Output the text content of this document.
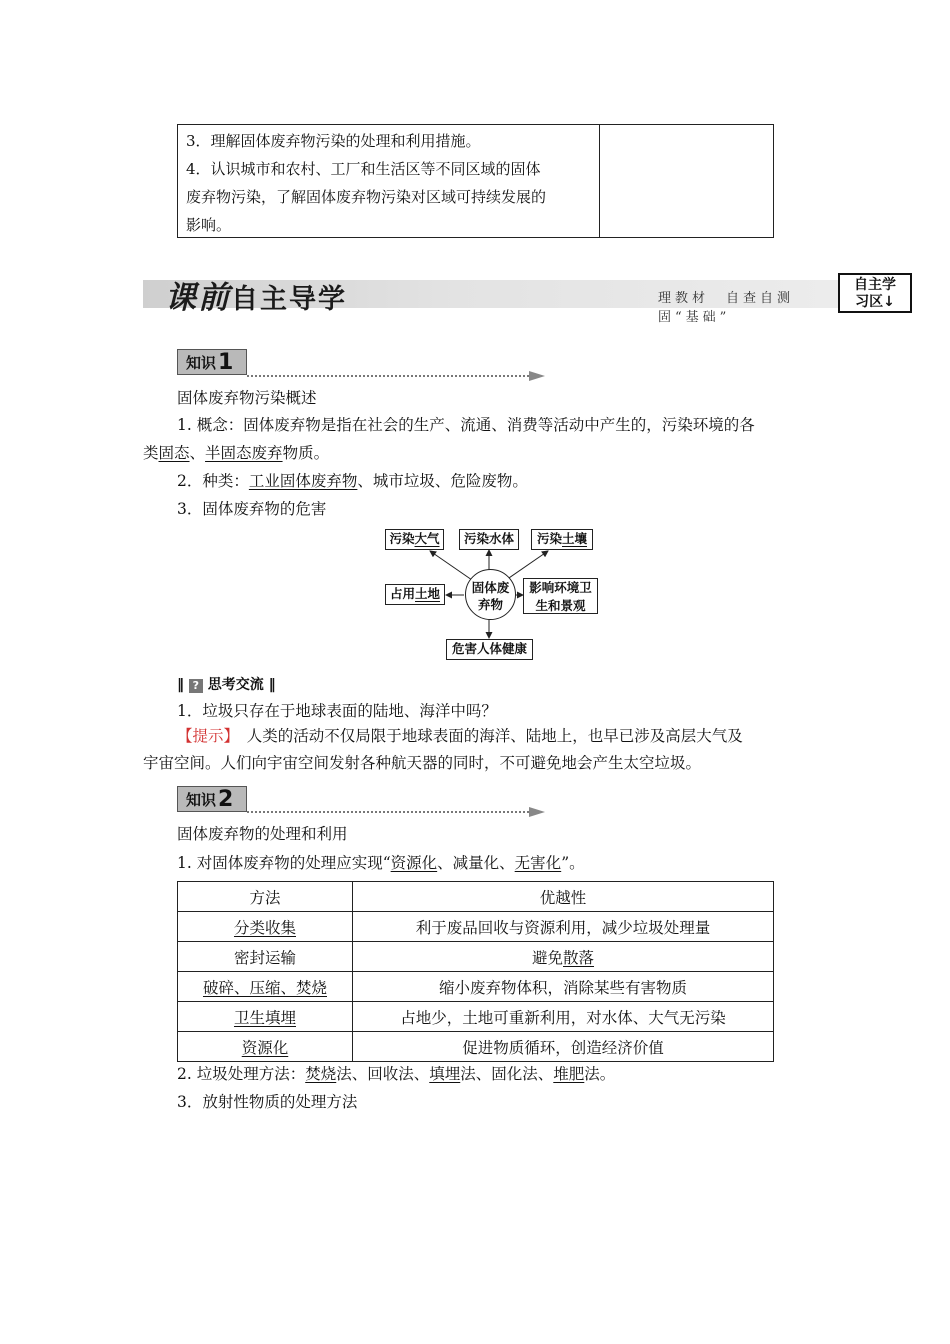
3．理解固体废弃物污染的处理和利用措施。
4．认识城市和农村、工厂和生活区等不同区域的固体
废弃物污染，了解固体废弃物污染对区域可持续发展的
影响。
课前自主导学	理教材　自查自测　固“基础”
自主学
习区↓
知识1
固体废弃物污染概述
1. 概念：固体废弃物是指在社会的生产、流通、消费等活动中产生的，污染环境的各
类固态、半固态废弃物质。
2．种类：工业固体废弃物、城市垃圾、危险废物。
3．固体废弃物的危害
污染大气	污染水体	污染土壤
固体废
弃物
占用土地	影响环境卫
生和景观
危害人体健康
‖ ? 思考交流 ‖
1．垃圾只存在于地球表面的陆地、海洋中吗？
【提示】　人类的活动不仅局限于地球表面的海洋、陆地上，也早已涉及高层大气及
宇宙空间。人们向宇宙空间发射各种航天器的同时，不可避免地会产生太空垃圾。
知识2
固体废弃物的处理和利用
1. 对固体废弃物的处理应实现“资源化、减量化、无害化”。
方法	优越性
分类收集	利于废品回收与资源利用，减少垃圾处理量
密封运输	避免散落
破碎、压缩、焚烧	缩小废弃物体积，消除某些有害物质
卫生填埋	占地少，土地可重新利用，对水体、大气无污染
资源化	促进物质循环，创造经济价值
2. 垃圾处理方法：焚烧法、回收法、填埋法、固化法、堆肥法。
3．放射性物质的处理方法
